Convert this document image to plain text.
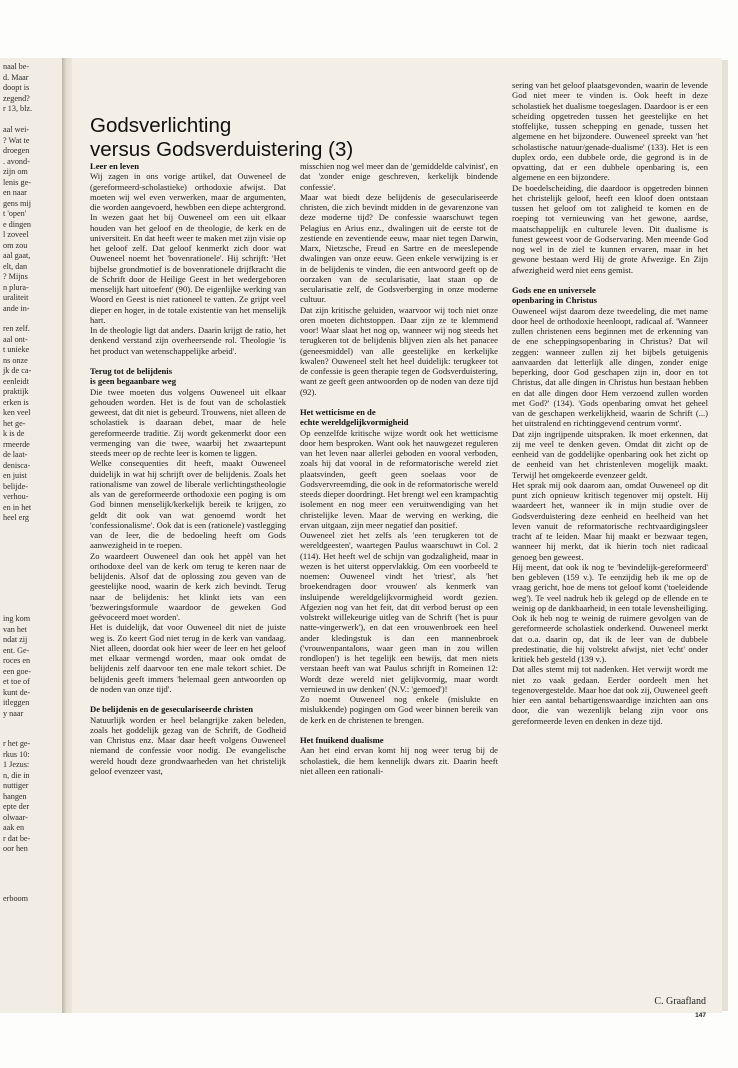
naal be-
d. Maar
doopt is
zegend?
r 13, blz.
aal wei-
? Wat te
droegen
. avond-
zijn om
lenis ge-
en naar
gens mij
t 'open'
e dingen
l zoveel
om zou
aal gaat,
elt, dan
? Mijns
n plura-
uraliteit
ande in-
ren zelf.
aal ont-
t unieke
ns onze
jk de ca-
eenleidt
praktijk
erken is
ken veel
het ge-
k is de
rmeerde
de laat-
denisca-
en juist
belijde-
verhou-
en in het
heel erg
ing kom
van het
ndat zij
ent. Ge-
roces en
een goe-
et toe of
kunt de-
itleggen
y naar
r het ge-
rkus 10:
1 Jezus:
n, die in
nuttiger
hangen
epte der
olwaar-
aak en
r dat be-
oor hen
erboom
Godsverlichting
versus Godsverduistering (3)

Leer en leven

Wij zagen in ons vorige artikel, dat Ouweneel de (gereformeerd-scholastieke) orthodoxie afwijst. Dat moeten wij wel even verwerken, maar de argumenten, die worden aangevoerd, hewbben een diepe achtergrond. In wezen gaat het bij Ouweneel om een uit elkaar houden van het geloof en de theologie, de kerk en de universiteit. En dat heeft weer te maken met zijn visie op het geloof zelf. Dat geloof kenmerkt zich door wat Ouweneel noemt het 'bovenrationele'. Hij schrijft: 'Het bijbelse grondmotief is de bovenrationele drijfkracht die de Schrift door de Heilige Geest in het wedergeboren menselijk hart uitoefent' (90). De eigenlijke werking van Woord en Geest is niet rationeel te vatten. Ze grijpt veel dieper en hoger, in de totale existentie van het menselijk hart.

In de theologie ligt dat anders. Daarin krijgt de ratio, het denkend verstand zijn overheersende rol. Theologie 'is het product van wetenschappelijke arbeid'.

Terug tot de belijdenis

is geen begaanbare weg

Die twee moeten dus volgens Ouweneel uit elkaar gehouden worden. Het is de fout van de scholastiek geweest, dat dit niet is gebeurd. Trouwens, niet alleen de scholastiek is daaraan debet, maar de hele gereformeerde traditie. Zij wordt gekenmerkt door een vermenging van die twee, waarbij het zwaartepunt steeds meer op de rechte leer is komen te liggen.

Welke consequenties dit heeft, maakt Ouweneel duidelijk in wat hij schrijft over de belijdenis. Zoals het rationalisme van zowel de liberale verlichtingstheologie als van de gereformeerde orthodoxie een poging is om God binnen menselijk/kerkelijk bereik te krijgen, zo geldt dit ook van wat genoemd wordt het 'confessionalisme'. Ook dat is een (rationele) vastlegging van de leer, die de bedoeling heeft om Gods aanwezigheid in te roepen.

Zo waardeert Ouweneel dan ook het appèl van het orthodoxe deel van de kerk om terug te keren naar de belijdenis. Alsof dat de oplossing zou geven van de geestelijke nood, waarin de kerk zich bevindt. Terug naar de belijdenis: het klinkt iets van een 'bezweringsformule waardoor de geweken God geëvoceerd moet worden'.

Het is duidelijk, dat voor Ouweneel dit niet de juiste weg is. Zo keert God niet terug in de kerk van vandaag. Niet alleen, doordat ook hier weer de leer en het geloof met elkaar vermengd worden, maar ook omdat de belijdenis zelf daarvoor ten ene male tekort schiet. De belijdenis geeft immers 'helemaal geen antwoorden op de noden van onze tijd'.

De belijdenis en de geseculariseerde christen

Natuurlijk worden er heel belangrijke zaken beleden, zoals het goddelijk gezag van de Schrift, de Godheid van Christus enz. Maar daar heeft volgens Ouweneel niemand de confessie voor nodig. De evangelische wereld houdt deze grondwaarheden van het christelijk geloof evenzeer vast,

misschien nog wel meer dan de 'gemiddelde calvinist', en dat 'zonder enige geschreven, kerkelijk bindende confessie'.

Maar wat biedt deze belijdenis de geseculariseerde christen, die zich bevindt midden in de gevarenzone van deze moderne tijd? De confessie waarschuwt tegen Pelagius en Arius enz., dwalingen uit de eerste tot de zestiende en zeventiende eeuw, maar niet tegen Darwin, Marx, Nietzsche, Freud en Sartre en de meeslepende dwalingen van onze eeuw. Geen enkele verwijzing is er in de belijdenis te vinden, die een antwoord geeft op de oorzaken van de secularisatie, laat staan op de secularisatie zelf, de Godsverberging in onze moderne cultuur.

Dat zijn kritische geluiden, waarvoor wij toch niet onze oren moeten dichtstoppen. Daar zijn ze te klemmend voor! Waar slaat het nog op, wanneer wij nog steeds het terugkeren tot de belijdenis blijven zien als het panacee (geneesmiddel) van alle geestelijke en kerkelijke kwalen? Ouweneel stelt het heel duidelijk: terugkeer tot de confessie is geen therapie tegen de Godsverduistering, want ze geeft geen antwoorden op de noden van deze tijd (92).

Het wetticisme en de

echte wereldgelijkvormigheid

Op eenzelfde kritische wijze wordt ook het wetticisme door hem besproken. Want ook het nauwgezet reguleren van het leven naar allerlei geboden en vooral verboden, zoals hij dat vooral in de reformatorische wereld ziet plaatsvinden, geeft geen soelaas voor de Godsvervreemding, die ook in de reformatorische wereld steeds dieper doordringt. Het brengt wel een krampachtig isolement en nog meer een veruitwendiging van het christelijke leven. Maar de werving en werking, die ervan uitgaan, zijn meer negatief dan positief.

Ouweneel ziet het zelfs als 'een terugkeren tot de wereldgeesten', waartegen Paulus waarschuwt in Col. 2 (114). Het heeft wel de schijn van godzaligheid, maar in wezen is het uiterst oppervlakkig. Om een voorbeeld te noemen: Ouweneel vindt het 'triest', als 'het broekendragen door vrouwen' als kenmerk van insluipende wereldgelijkvormigheid wordt gezien. Afgezien nog van het feit, dat dit verbod berust op een volstrekt willekeurige uitleg van de Schrift ('het is puur natte-vingerwerk'), en dat een vrouwenbroek een heel ander kledingstuk is dan een mannenbroek ('vrouwenpantalons, waar geen man in zou willen rondlopen') is het tegelijk een bewijs, dat men niets verstaan heeft van wat Paulus schrijft in Romeinen 12: Wordt deze wereld niet gelijkvormig, maar wordt vernieuwd in uw denken' (N.V.: 'gemoed')!

Zo noemt Ouweneel nog enkele (mislukte en mislukkende) pogingen om God weer binnen bereik van de kerk en de christenen te brengen.

Het fnuikend dualisme

Aan het eind ervan komt hij nog weer terug bij de scholastiek, die hem kennelijk dwars zit. Daarin heeft niet alleen een rationali-

sering van het geloof plaatsgevonden, waarin de levende God niet meer te vinden is. Ook heeft in deze scholastiek het dualisme toegeslagen. Daardoor is er een scheiding opgetreden tussen het geestelijke en het stoffelijke, tussen schepping en genade, tussen het algemene en het bijzondere. Ouweneel spreekt van 'het scholastische natuur/genade-dualisme' (133). Het is een duplex ordo, een dubbele orde, die gegrond is in de opvatting, dat er een dubbele openbaring is, een algemene en een bijzondere.

De boedelscheiding, die daardoor is opgetreden binnen het christelijk geloof, heeft een kloof doen ontstaan tussen het geloof om tot zaligheid te komen en de roeping tot vernieuwing van het gewone, aardse, maatschappelijk en culturele leven. Dit dualisme is funest geweest voor de Godservaring. Men meende God nog wel in de ziel te kunnen ervaren, maar in het gewone bestaan werd Hij de grote Afwezige. En Zijn afwezigheid werd niet eens gemist.

Gods ene en universele

openbaring in Christus

Ouweneel wijst daarom deze tweedeling, die met name door heel de orthodoxie heenloopt, radicaal af. 'Wanneer zullen christenen eens beginnen met de erkenning van de ene scheppingsopenbaring in Christus? Dat wil zeggen: wanneer zullen zij het bijbels getuigenis aanvaarden dat letterlijk alle dingen, zonder enige beperking, door God geschapen zijn in, door en tot Christus, dat alle dingen in Christus hun bestaan hebben en dat alle dingen door Hem verzoend zullen worden met God?' (134). 'Gods openbaring omvat het geheel van de geschapen werkelijkheid, waarin de Schrift (...) het uitstralend en richtinggevend centrum vormt'.

Dat zijn ingrijpende uitspraken. Ik moet erkennen, dat zij me veel te denken geven. Omdat dit zicht op de eenheid van de goddelijke openbaring ook het zicht op de eenheid van het christenleven mogelijk maakt. Terwijl het omgekeerde evenzeer geldt.

Het sprak mij ook daarom aan, omdat Ouweneel op dit punt zich opnieuw kritisch tegenover mij opstelt. Hij waardeert het, wanneer ik in mijn studie over de Godsverduistering deze eenheid en heelheid van het leven vanuit de reformatorische rechtvaardigingsleer tracht af te leiden. Maar hij maakt er bezwaar tegen, wanneer hij merkt, dat ik hierin toch niet radicaal genoeg ben geweest.

Hij meent, dat ook ik nog te 'bevindelijk-gereformeerd' ben gebleven (159 v.). Te eenzijdig heb ik me op de vraag gericht, hoe de mens tot geloof komt ('toeleidende weg'). Te veel nadruk heb ik gelegd op de ellende en te weinig op de dankbaarheid, in een totale levensheiliging. Ook ik heb nog te weinig de ruimere gevolgen van de gereformeerde scholastiek onderkend. Ouweneel merkt dat o.a. daarin op, dat ik de leer van de dubbele predestinatie, die hij volstrekt afwijst, niet 'echt' onder kritiek heb gesteld (139 v.).

Dat alles stemt mij tot nadenken. Het verwijt wordt me niet zo vaak gedaan. Eerder oordeelt men het tegenovergestelde. Maar hoe dat ook zij, Ouweneel geeft hier een aantal behartigenswaardige inzichten aan ons door, die van wezenlijk belang zijn voor ons gereformeerde leven en denken in deze tijd.

C. Graafland
147
